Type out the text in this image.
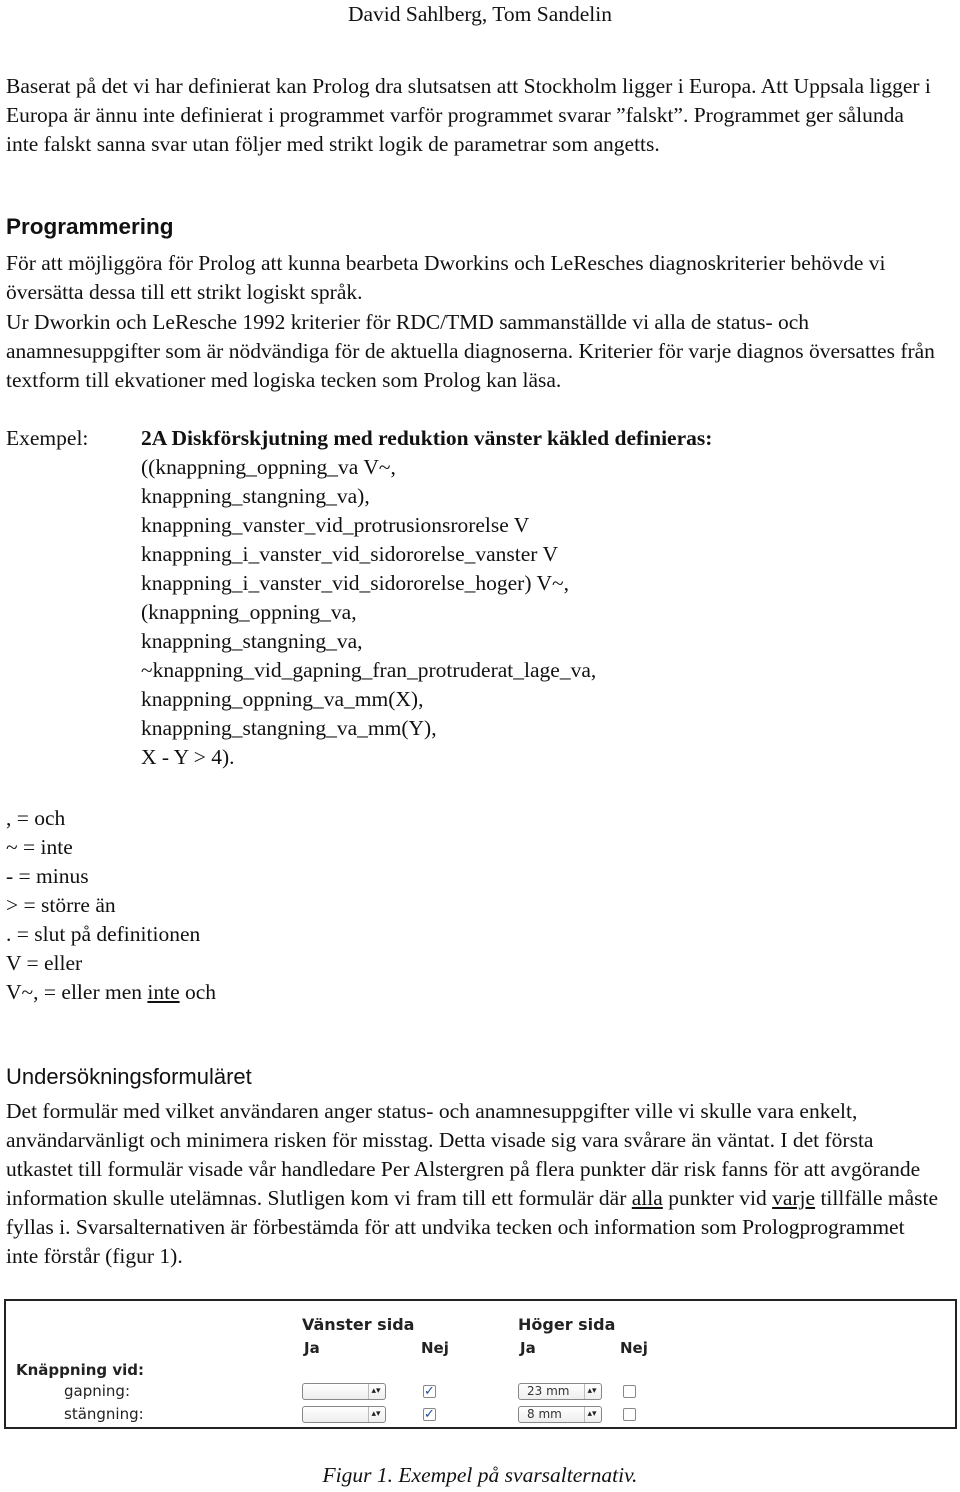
David Sahlberg, Tom Sandelin

Baserat på det vi har definierat kan Prolog dra slutsatsen att Stockholm ligger i Europa. Att Uppsala ligger i Europa är ännu inte definierat i programmet varför programmet svarar ”falskt”. Programmet ger sålunda inte falskt sanna svar utan följer med strikt logik de parametrar som angetts.

Programmering

För att möjliggöra för Prolog att kunna bearbeta Dworkins och LeResches diagnoskriterier behövde vi översätta dessa till ett strikt logiskt språk.

Ur Dworkin och LeResche 1992 kriterier för RDC/TMD sammanställde vi alla de status- och anamnesuppgifter som är nödvändiga för de aktuella diagnoserna. Kriterier för varje diagnos översattes från textform till ekvationer med logiska tecken som Prolog kan läsa.

Exempel: 2A Diskförskjutning med reduktion vänster käkled definieras:
((knappning_oppning_va V~,
knappning_stangning_va),
knappning_vanster_vid_protrusionsrorelse V
knappning_i_vanster_vid_sidororelse_vanster V
knappning_i_vanster_vid_sidororelse_hoger) V~,
(knappning_oppning_va,
knappning_stangning_va,
~knappning_vid_gapning_fran_protruderat_lage_va,
knappning_oppning_va_mm(X),
knappning_stangning_va_mm(Y),
X - Y > 4).
, = och
~ = inte
- = minus
> = större än
. = slut på definitionen
V = eller
V~, = eller men inte och
Undersökningsformuläret

Det formulär med vilket användaren anger status- och anamnesuppgifter ville vi skulle vara enkelt, användarvänligt och minimera risken för misstag. Detta visade sig vara svårare än väntat. I det första utkastet till formulär visade vår handledare Per Alstergren på flera punkter där risk fanns för att avgörande information skulle utelämnas. Slutligen kom vi fram till ett formulär där alla punkter vid varje tillfälle måste fyllas i. Svarsalternativen är förbestämda för att undvika tecken och information som Prologprogrammet inte förstår (figur 1).

Vänster sida	Höger sida
Ja	Nej	Ja	Nej
Knäppning vid:
gapning:	▴▾	✓	23 mm	▴▾
stängning:	▴▾	✓	8 mm	▴▾
Figur 1. Exempel på svarsalternativ.
